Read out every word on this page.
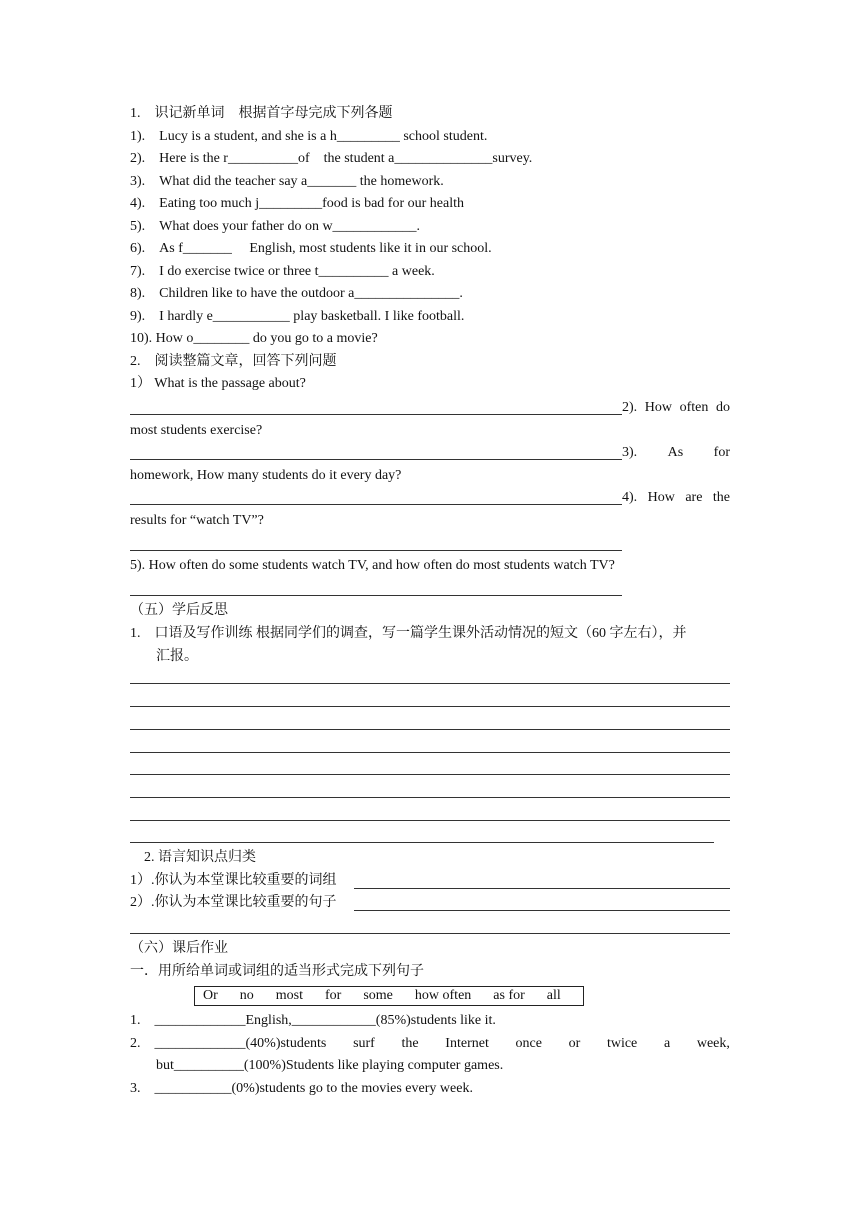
1.　识记新单词　根据首字母完成下列各题
1).　Lucy is a student, and she is a h_________ school student.
2).　Here is the r__________of　the student a______________survey.
3).　What did the teacher say a_______ the homework.
4).　Eating too much j_________food is bad for our health
5).　What does your father do on w____________.
6).　As f_______　 English, most students like it in our school.
7).　I do exercise twice or three t__________ a week.
8).　Children like to have the outdoor a_______________.
9).　I hardly e___________ play basketball. I like football.
10). How o________ do you go to a movie?
2.　阅读整篇文章，回答下列问题
1） What is the passage about?
2). How often do
most students exercise?
3). As for
homework, How many students do it every day?
4). How are the
results for “watch TV”?
5). How often do some students watch TV, and how often do most students watch TV?
（五）学后反思
1.　口语及写作训练 根据同学们的调查，写一篇学生课外活动情况的短文（60 字左右），并
汇报。
2. 语言知识点归类
1）.你认为本堂课比较重要的词组
2）.你认为本堂课比较重要的句子
（六）课后作业
一．用所给单词或词组的适当形式完成下列句子
Or no most for some how often as for all
1.　_____________English,____________(85%)students like it.
2.　_____________(40%)students surf the Internet once or twice a week,
but__________(100%)Students like playing computer games.
3.　___________(0%)students go to the movies every week.
